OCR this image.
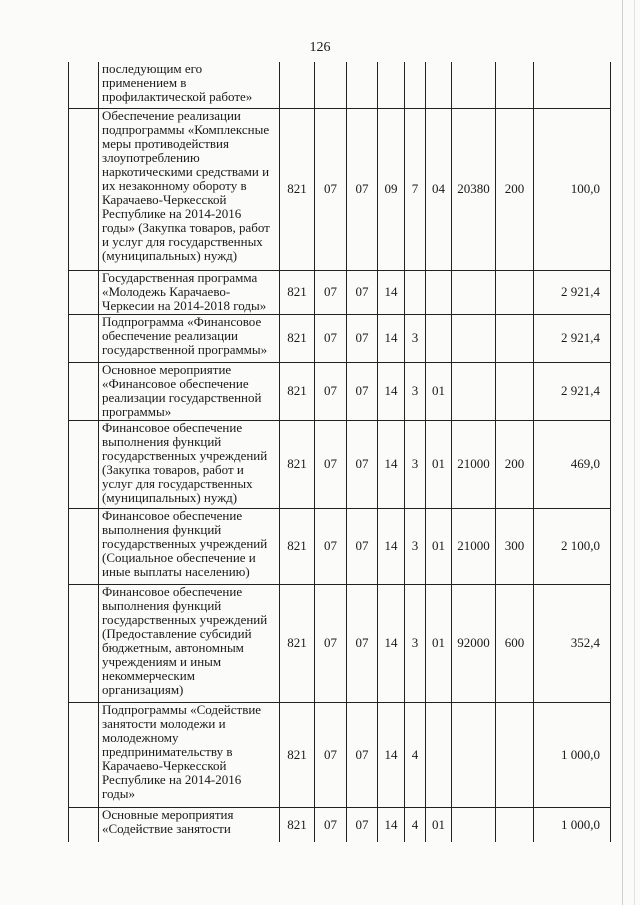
126
	последующим его применением в профилактической работе»									
	Обеспечение реализации подпрограммы «Комплексные меры противодействия злоупотреблению наркотическими средствами и их незаконному обороту в Карачаево-Черкесской Республике на 2014-2016 годы» (Закупка товаров, работ и услуг для государственных (муниципальных) нужд)	821	07	07	09	7	04	20380	200	100,0
	Государственная программа «Молодежь Карачаево-Черкесии на 2014-2018 годы»	821	07	07	14					2 921,4
	Подпрограмма «Финансовое обеспечение реализации государственной программы»	821	07	07	14	3				2 921,4
	Основное мероприятие «Финансовое обеспечение реализации государственной программы»	821	07	07	14	3	01			2 921,4
	Финансовое обеспечение выполнения функций государственных учреждений (Закупка товаров, работ и услуг для государственных (муниципальных) нужд)	821	07	07	14	3	01	21000	200	469,0
	Финансовое обеспечение выполнения функций государственных учреждений (Социальное обеспечение и иные выплаты населению)	821	07	07	14	3	01	21000	300	2 100,0
	Финансовое обеспечение выполнения функций государственных учреждений (Предоставление субсидий бюджетным, автономным учреждениям и иным некоммерческим организациям)	821	07	07	14	3	01	92000	600	352,4
	Подпрограммы «Содействие занятости молодежи и молодежному предпринимательству в Карачаево-Черкесской Республике на 2014-2016 годы»	821	07	07	14	4				1 000,0
	Основные мероприятия «Содействие занятости	821	07	07	14	4	01			1 000,0
